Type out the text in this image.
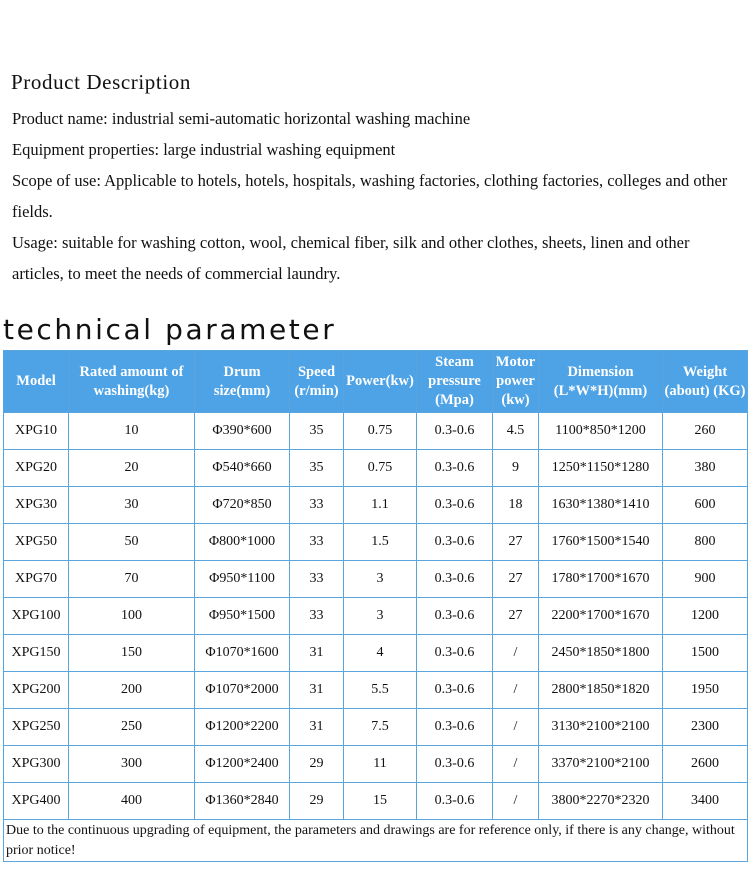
Product Description

Product name: industrial semi-automatic horizontal washing machine

Equipment properties: large industrial washing equipment

Scope of use: Applicable to hotels, hotels, hospitals, washing factories, clothing factories, colleges and other fields.

Usage: suitable for washing cotton, wool, chemical fiber, silk and other clothes, sheets, linen and other articles, to meet the needs of commercial laundry.

technical parameter
Model	Rated amount of washing(kg)	Drum size(mm)	Speed (r/min)	Power(kw)	Steam pressure (Mpa)	Motor power (kw)	Dimension (L*W*H)(mm)	Weight (about) (KG)
XPG10	10	Φ390*600	35	0.75	0.3-0.6	4.5	1100*850*1200	260
XPG20	20	Φ540*660	35	0.75	0.3-0.6	9	1250*1150*1280	380
XPG30	30	Φ720*850	33	1.1	0.3-0.6	18	1630*1380*1410	600
XPG50	50	Φ800*1000	33	1.5	0.3-0.6	27	1760*1500*1540	800
XPG70	70	Φ950*1100	33	3	0.3-0.6	27	1780*1700*1670	900
XPG100	100	Φ950*1500	33	3	0.3-0.6	27	2200*1700*1670	1200
XPG150	150	Φ1070*1600	31	4	0.3-0.6	/	2450*1850*1800	1500
XPG200	200	Φ1070*2000	31	5.5	0.3-0.6	/	2800*1850*1820	1950
XPG250	250	Φ1200*2200	31	7.5	0.3-0.6	/	3130*2100*2100	2300
XPG300	300	Φ1200*2400	29	11	0.3-0.6	/	3370*2100*2100	2600
XPG400	400	Φ1360*2840	29	15	0.3-0.6	/	3800*2270*2320	3400
Due to the continuous upgrading of equipment, the parameters and drawings are for reference only, if there is any change, without prior notice!								
